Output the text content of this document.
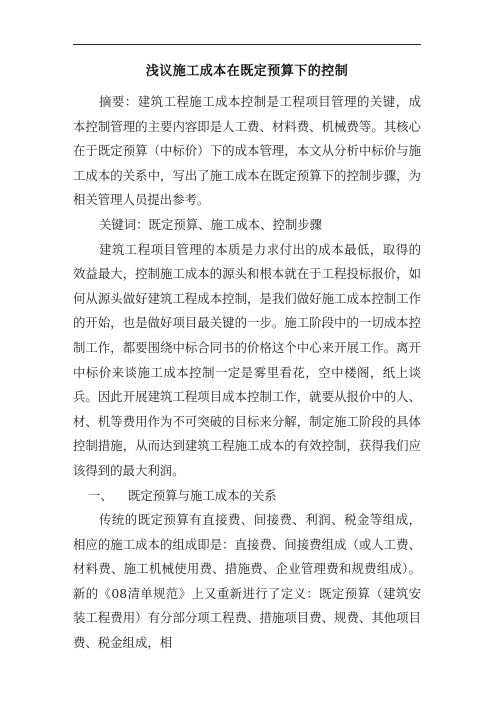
浅议施工成本在既定预算下的控制

摘要：建筑工程施工成本控制是工程项目管理的关键，成本控制管理的主要内容即是人工费、材料费、机械费等。其核心在于既定预算（中标价）下的成本管理，本文从分析中标价与施工成本的关系中，写出了施工成本在既定预算下的控制步骤，为相关管理人员提出参考。

关键词：既定预算、施工成本、控制步骤

建筑工程项目管理的本质是力求付出的成本最低，取得的效益最大，控制施工成本的源头和根本就在于工程投标报价，如何从源头做好建筑工程成本控制，是我们做好施工成本控制工作的开始，也是做好项目最关键的一步。施工阶段中的一切成本控制工作，都要围绕中标合同书的价格这个中心来开展工作。离开中标价来谈施工成本控制一定是雾里看花，空中楼阁，纸上谈兵。因此开展建筑工程项目成本控制工作，就要从报价中的人、材、机等费用作为不可突破的目标来分解，制定施工阶段的具体控制措施，从而达到建筑工程施工成本的有效控制，获得我们应该得到的最大利润。

一、 既定预算与施工成本的关系

传统的既定预算有直接费、间接费、利润、税金等组成，相应的施工成本的组成即是：直接费、间接费组成（或人工费、材料费、施工机械使用费、措施费、企业管理费和规费组成）。新的《08清单规范》上又重新进行了定义：既定预算（建筑安装工程费用）有分部分项工程费、措施项目费、规费、其他项目费、税金组成，相
